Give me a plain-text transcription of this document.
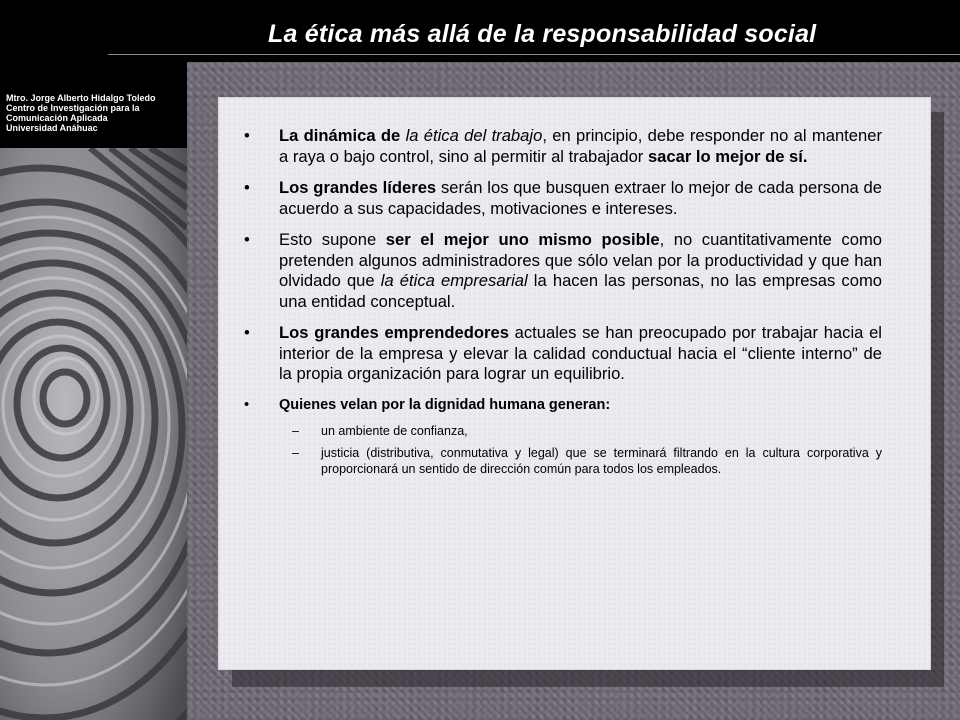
La ética más allá de la responsabilidad social
Mtro. Jorge Alberto Hidalgo Toledo
Centro de Investigación para la
Comunicación Aplicada
Universidad Anáhuac	• La dinámica de la ética del trabajo, en principio, debe responder no al mantener a raya o bajo control, sino al permitir al trabajador sacar lo mejor de sí.
• Los grandes líderes serán los que busquen extraer lo mejor de cada persona de acuerdo a sus capacidades, motivaciones e intereses.
• Esto supone ser el mejor uno mismo posible, no cuantitativamente como pretenden algunos administradores que sólo velan por la productividad y que han olvidado que la ética empresarial la hacen las personas, no las empresas como una entidad conceptual.
• Los grandes emprendedores actuales se han preocupado por trabajar hacia el interior de la empresa y elevar la calidad conductual hacia el “cliente interno” de la propia organización para lograr un equilibrio.
• Quienes velan por la dignidad humana generan:
– un ambiente de confianza,
– justicia (distributiva, conmutativa y legal) que se terminará filtrando en la cultura corporativa y proporcionará un sentido de dirección común para todos los empleados.
